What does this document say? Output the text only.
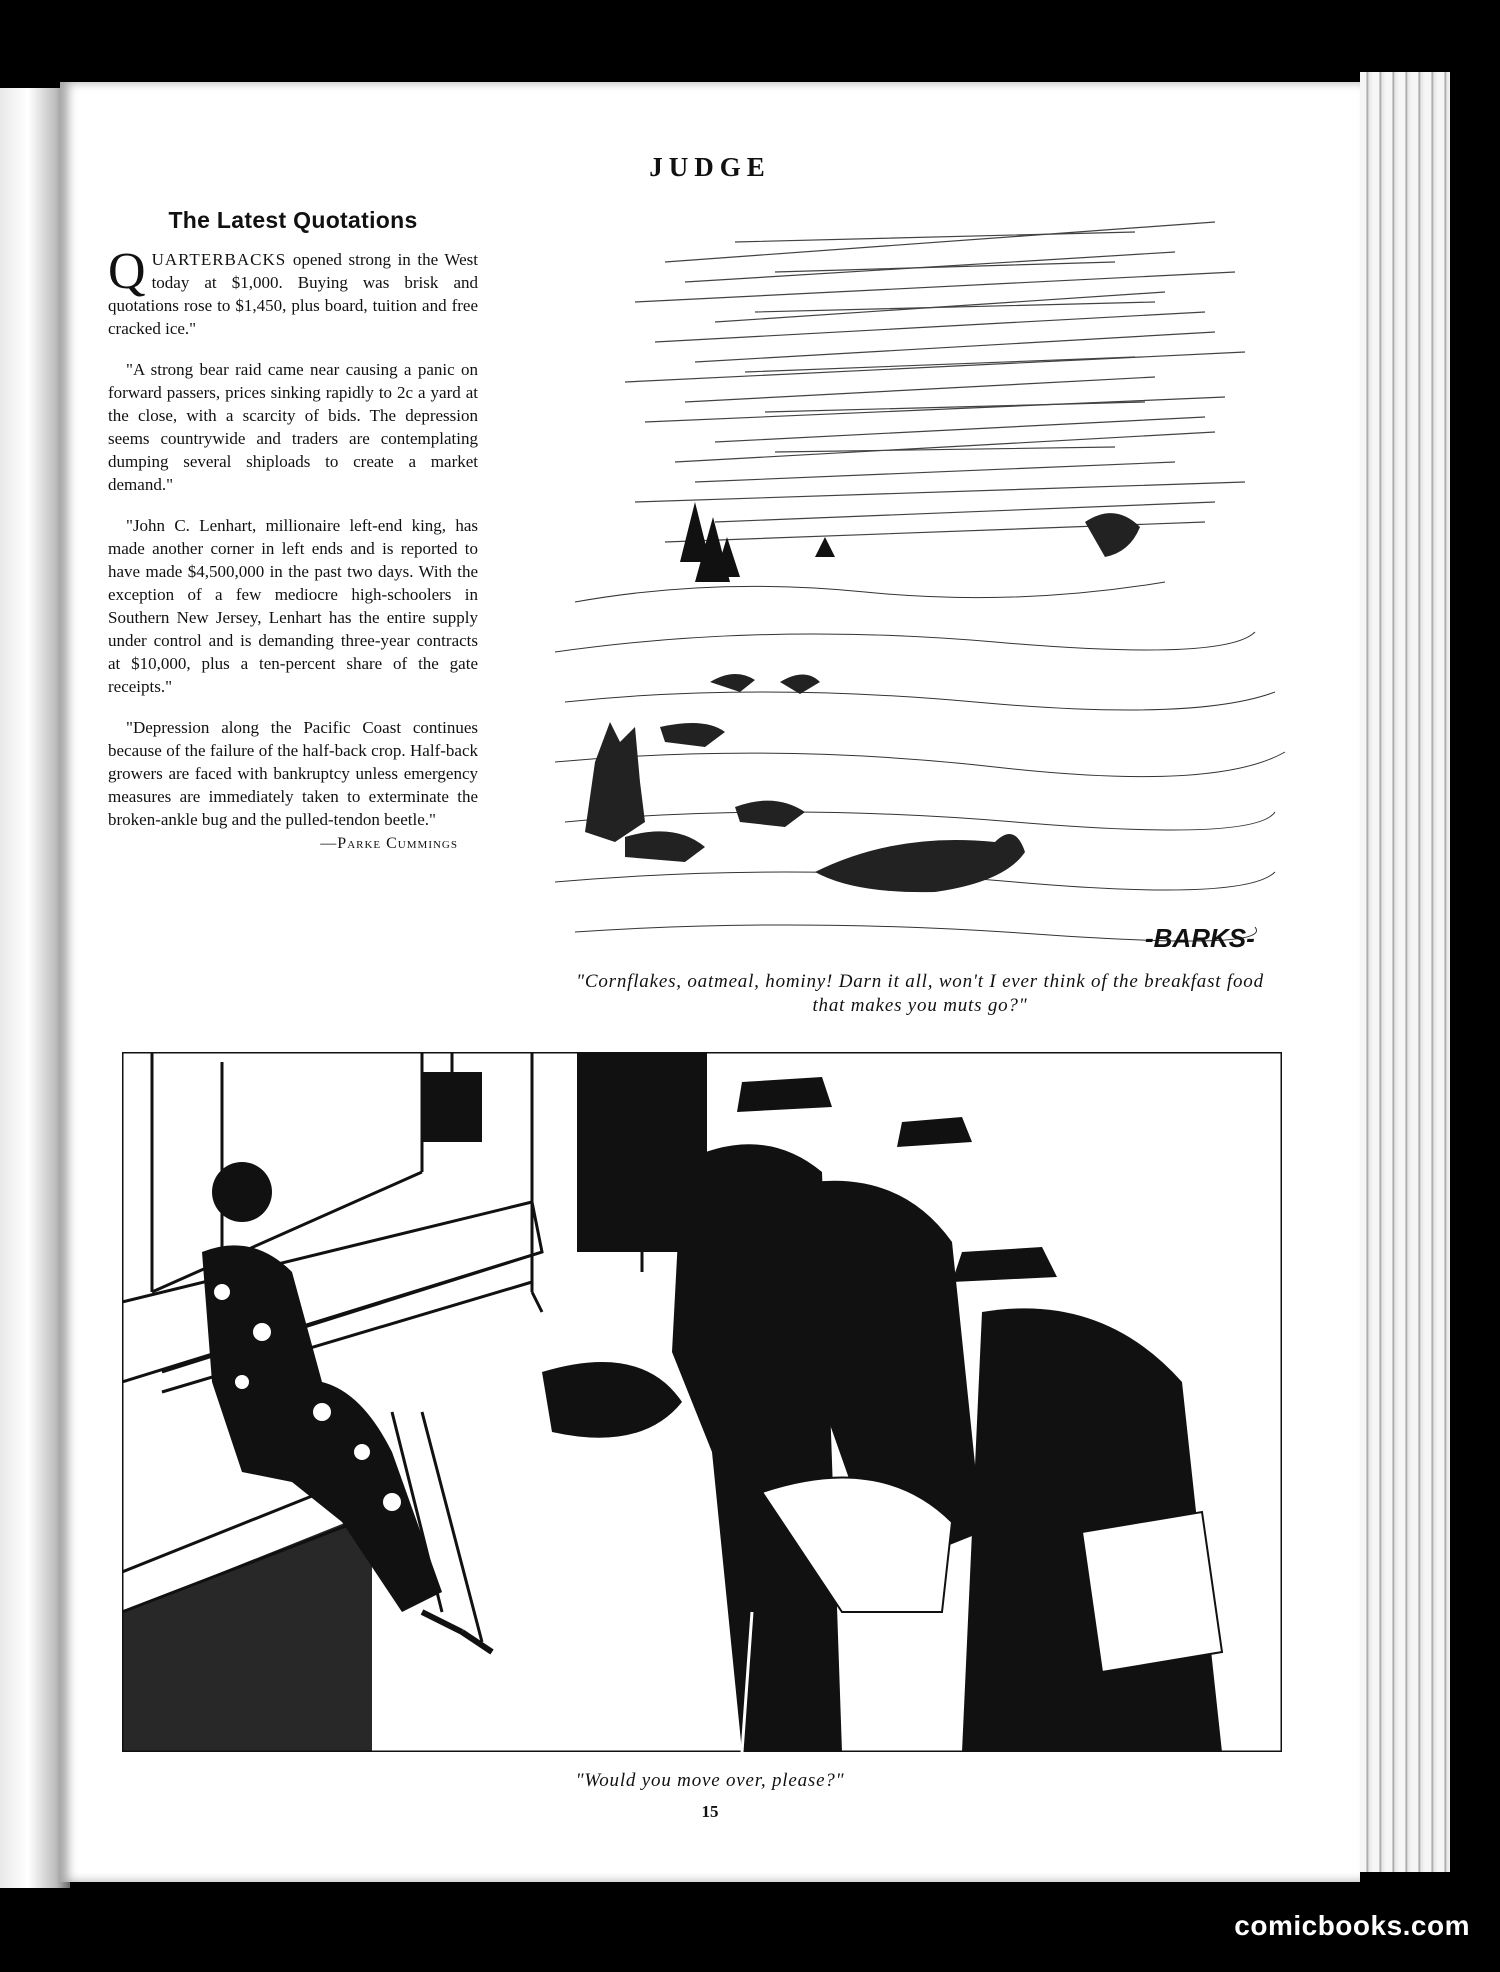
JUDGE
The Latest Quotations

QUARTERBACKS opened strong in the West today at $1,000. Buying was brisk and quotations rose to $1,450, plus board, tuition and free cracked ice."

"A strong bear raid came near causing a panic on forward passers, prices sinking rapidly to 2c a yard at the close, with a scarcity of bids. The depression seems countrywide and traders are contemplating dumping several shiploads to create a market demand."

"John C. Lenhart, millionaire left-end king, has made another corner in left ends and is reported to have made $4,500,000 in the past two days. With the exception of a few mediocre high-schoolers in Southern New Jersey, Lenhart has the entire supply under control and is demanding three-year contracts at $10,000, plus a ten-percent share of the gate receipts."

"Depression along the Pacific Coast continues because of the failure of the half-back crop. Half-back growers are faced with bankruptcy unless emergency measures are immediately taken to exterminate the broken-ankle bug and the pulled-tendon beetle."

—Parke Cummings
-BARKS-
"Cornflakes, oatmeal, hominy! Darn it all, won't I ever think of the breakfast food that makes you muts go?"
"Would you move over, please?"
15
comicbooks.com
